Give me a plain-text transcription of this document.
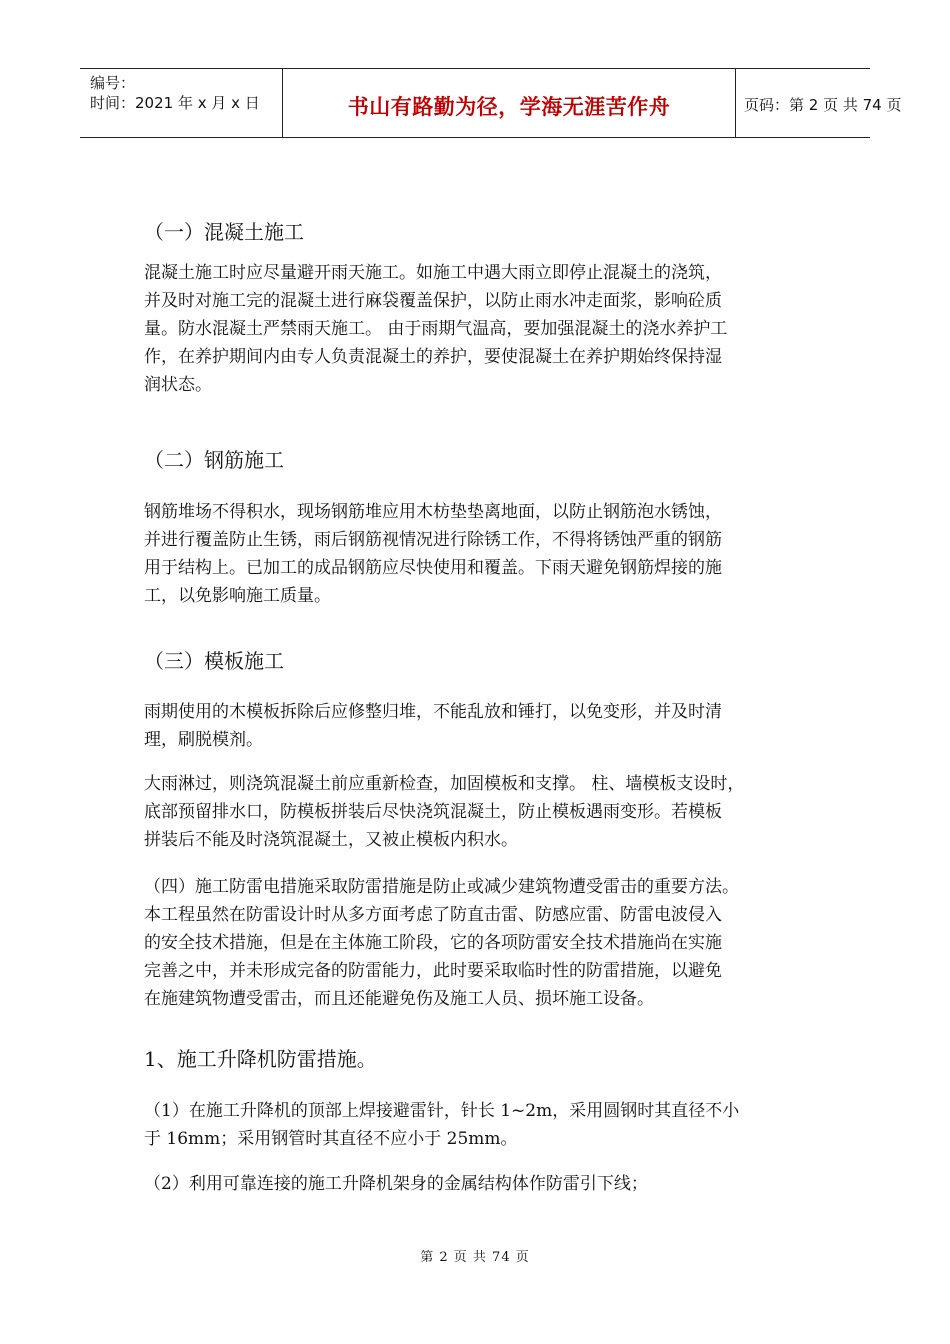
编号：
时间：2021 年 x 月 x 日	书山有路勤为径，学海无涯苦作舟	页码：第 2 页 共 74 页
（一）混凝土施工
混凝土施工时应尽量避开雨天施工。如施工中遇大雨立即停止混凝土的浇筑，
并及时对施工完的混凝土进行麻袋覆盖保护，以防止雨水冲走面浆，影响砼质
量。防水混凝土严禁雨天施工。 由于雨期气温高，要加强混凝土的浇水养护工
作，在养护期间内由专人负责混凝土的养护，要使混凝土在养护期始终保持湿
润状态。
（二）钢筋施工
钢筋堆场不得积水，现场钢筋堆应用木枋垫垫离地面，以防止钢筋泡水锈蚀，
并进行覆盖防止生锈，雨后钢筋视情况进行除锈工作，不得将锈蚀严重的钢筋
用于结构上。已加工的成品钢筋应尽快使用和覆盖。下雨天避免钢筋焊接的施
工，以免影响施工质量。
（三）模板施工
雨期使用的木模板拆除后应修整归堆，不能乱放和锤打，以免变形，并及时清
理，刷脱模剂。
大雨淋过，则浇筑混凝土前应重新检查，加固模板和支撑。 柱、墙模板支设时，
底部预留排水口，防模板拼装后尽快浇筑混凝土，防止模板遇雨变形。若模板
拼装后不能及时浇筑混凝土，又被止模板内积水。
（四）施工防雷电措施采取防雷措施是防止或减少建筑物遭受雷击的重要方法。
本工程虽然在防雷设计时从多方面考虑了防直击雷、防感应雷、防雷电波侵入
的安全技术措施，但是在主体施工阶段，它的各项防雷安全技术措施尚在实施
完善之中，并未形成完备的防雷能力，此时要采取临时性的防雷措施，以避免
在施建筑物遭受雷击，而且还能避免伤及施工人员、损坏施工设备。
1、施工升降机防雷措施。
（1）在施工升降机的顶部上焊接避雷针，针长 1~2m，采用圆钢时其直径不小
于 16mm；采用钢管时其直径不应小于 25mm。
（2）利用可靠连接的施工升降机架身的金属结构体作防雷引下线；
第 2 页 共 74 页
